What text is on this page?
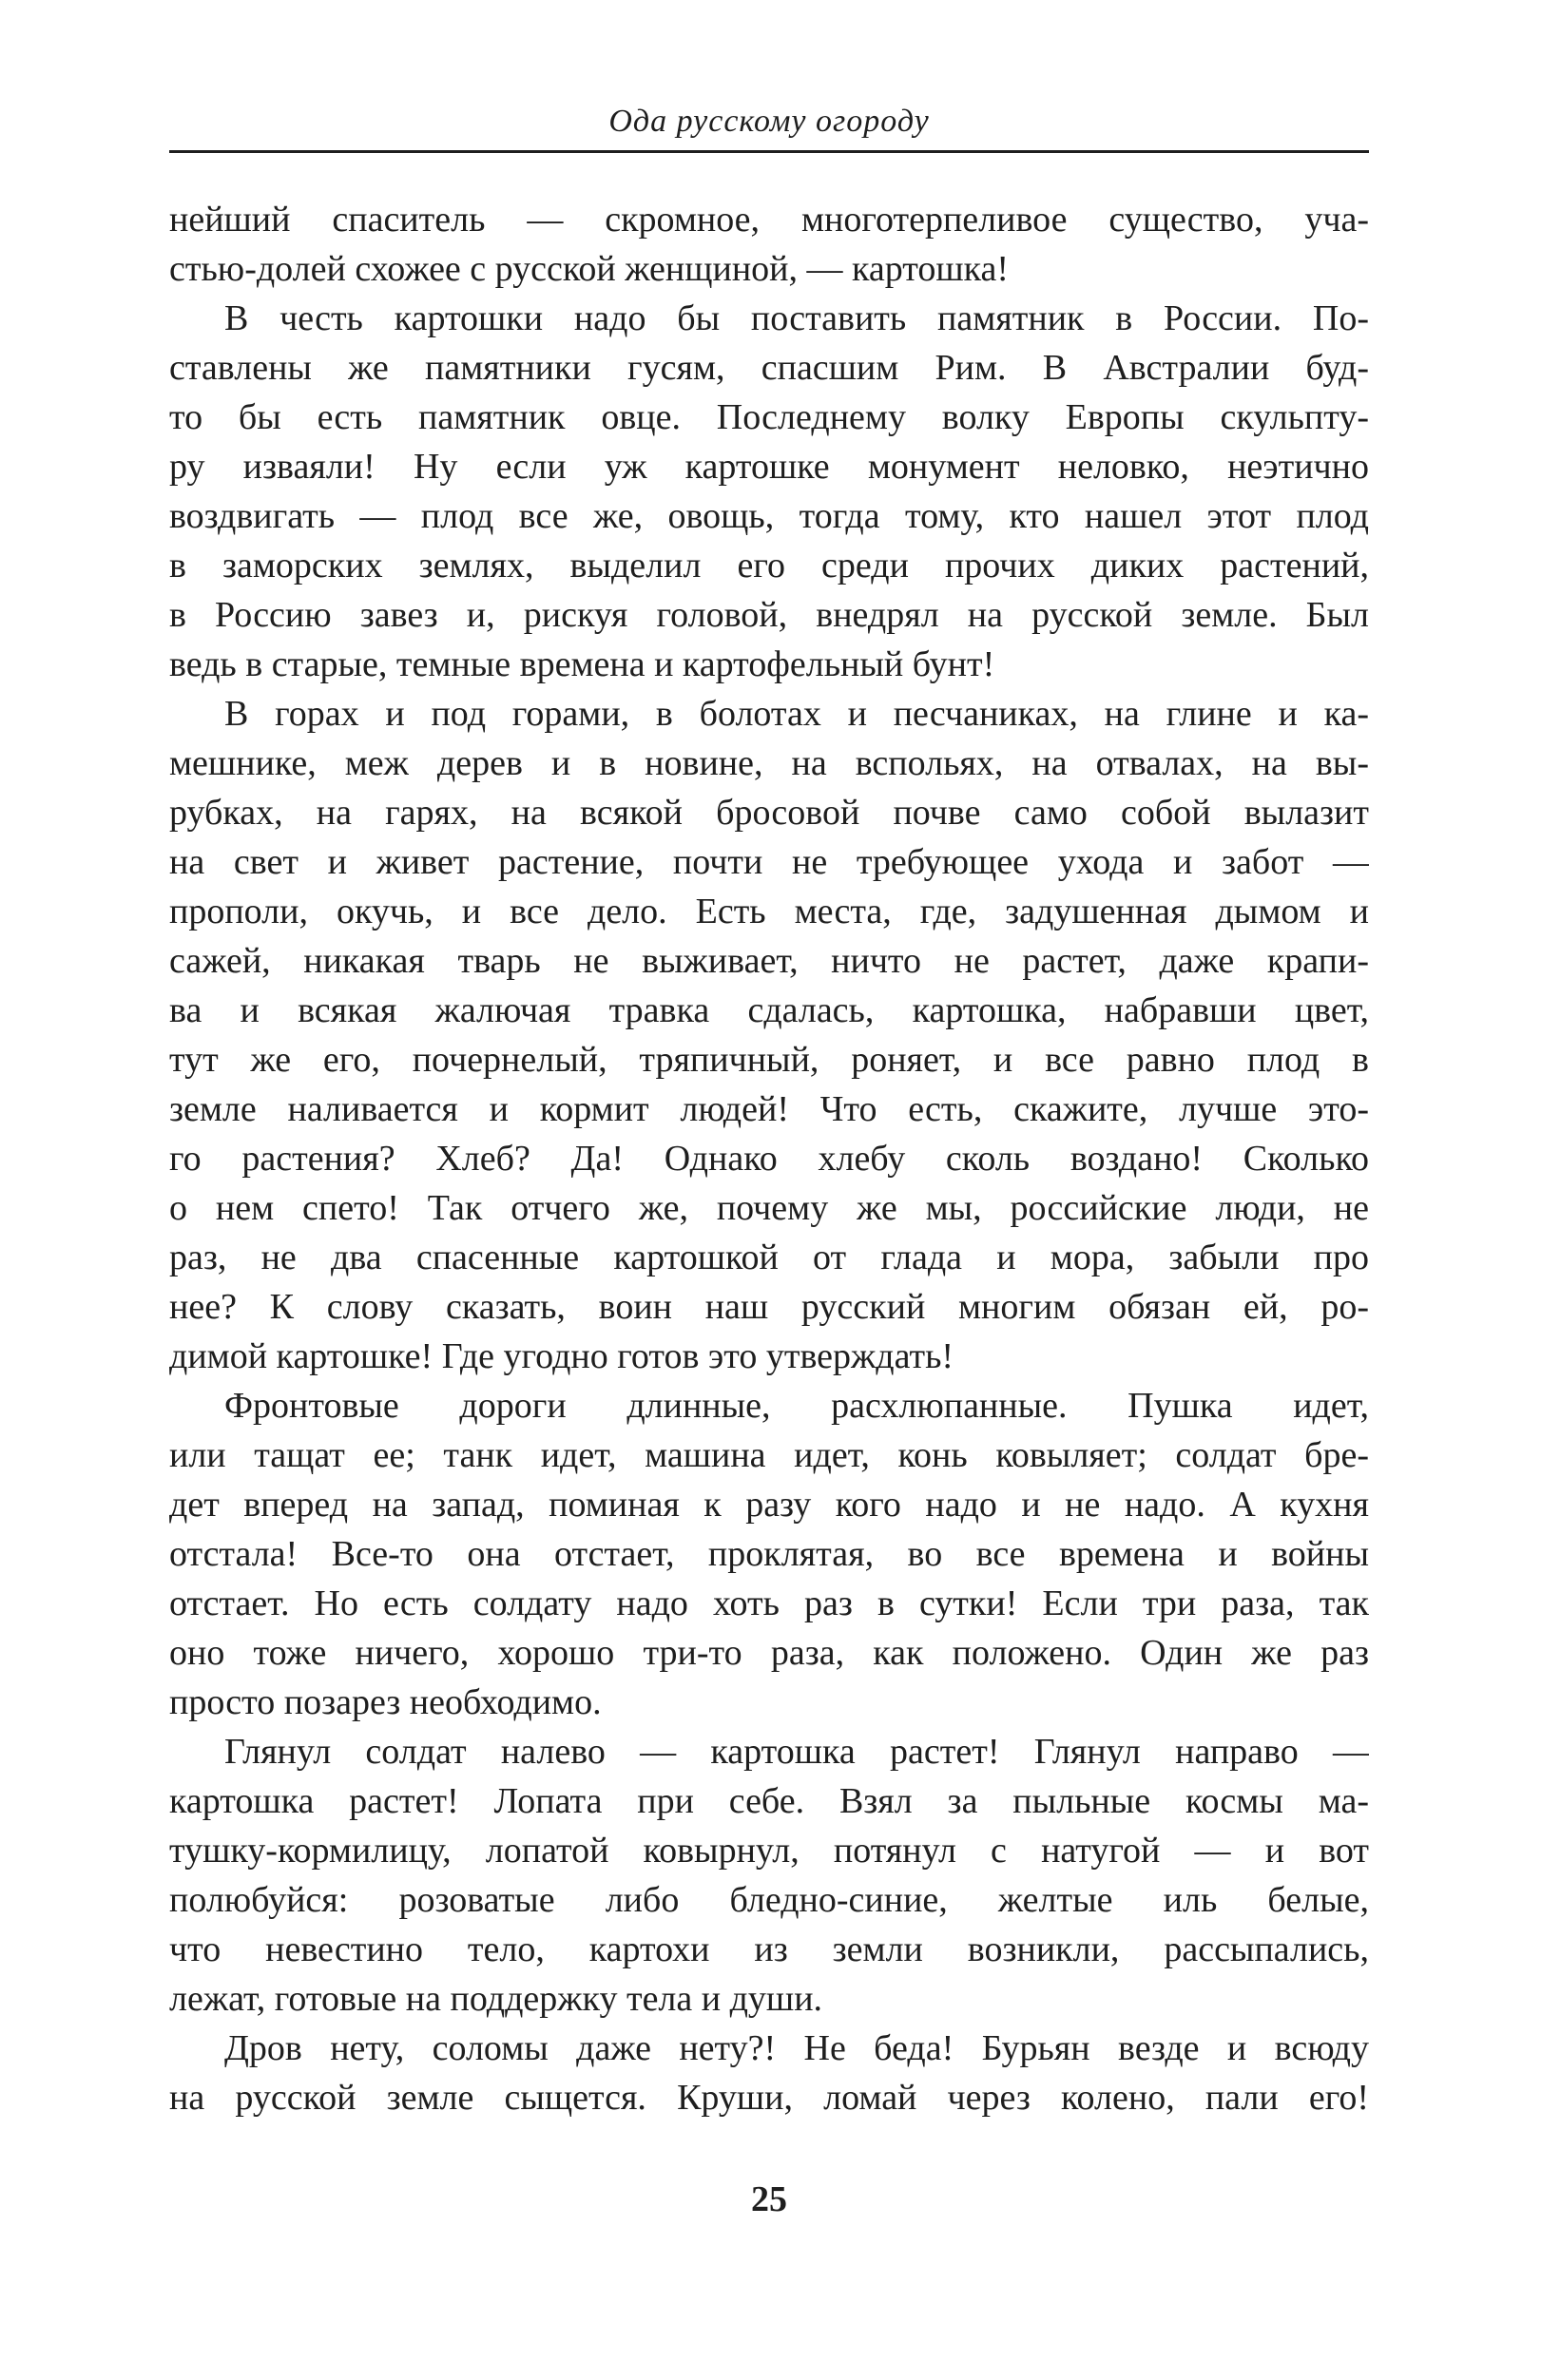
Ода русскому огороду
нейший спаситель — скромное, многотерпеливое существо, уча-
стью-долей схожее с русской женщиной, — картошка!
В честь картошки надо бы поставить памятник в России. По-
ставлены же памятники гусям, спасшим Рим. В Австралии буд-
то бы есть памятник овце. Последнему волку Европы скульпту-
ру изваяли! Ну если уж картошке монумент неловко, неэтично
воздвигать — плод все же, овощь, тогда тому, кто нашел этот плод
в заморских землях, выделил его среди прочих диких растений,
в Россию завез и, рискуя головой, внедрял на русской земле. Был
ведь в старые, темные времена и картофельный бунт!
В горах и под горами, в болотах и песчаниках, на глине и ка-
мешнике, меж дерев и в новине, на вспольях, на отвалах, на вы-
рубках, на гарях, на всякой бросовой почве само собой вылазит
на свет и живет растение, почти не требующее ухода и забот —
прополи, окучь, и все дело. Есть места, где, задушенная дымом и
сажей, никакая тварь не выживает, ничто не растет, даже крапи-
ва и всякая жалючая травка сдалась, картошка, набравши цвет,
тут же его, почернелый, тряпичный, роняет, и все равно плод в
земле наливается и кормит людей! Что есть, скажите, лучше это-
го растения? Хлеб? Да! Однако хлебу сколь воздано! Сколько
о нем спето! Так отчего же, почему же мы, российские люди, не
раз, не два спасенные картошкой от глада и мора, забыли про
нее? К слову сказать, воин наш русский многим обязан ей, ро-
димой картошке! Где угодно готов это утверждать!
Фронтовые дороги длинные, расхлюпанные. Пушка идет,
или тащат ее; танк идет, машина идет, конь ковыляет; солдат бре-
дет вперед на запад, поминая к разу кого надо и не надо. А кухня
отстала! Все-то она отстает, проклятая, во все времена и войны
отстает. Но есть солдату надо хоть раз в сутки! Если три раза, так
оно тоже ничего, хорошо три-то раза, как положено. Один же раз
просто позарез необходимо.
Глянул солдат налево — картошка растет! Глянул направо —
картошка растет! Лопата при себе. Взял за пыльные космы ма-
тушку-кормилицу, лопатой ковырнул, потянул с натугой — и вот
полюбуйся: розоватые либо бледно-синие, желтые иль белые,
что невестино тело, картохи из земли возникли, рассыпались,
лежат, готовые на поддержку тела и души.
Дров нету, соломы даже нету?! Не беда! Бурьян везде и всюду
на русской земле сыщется. Круши, ломай через колено, пали его!
25
